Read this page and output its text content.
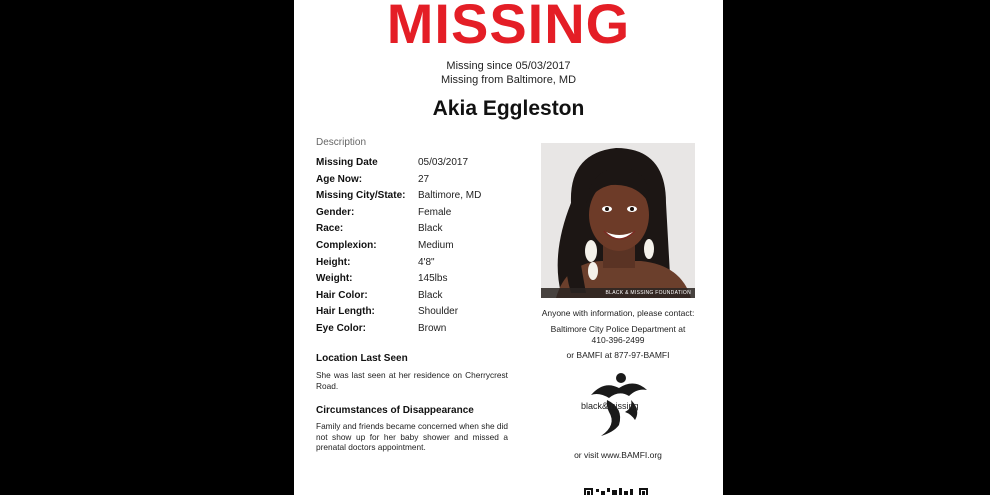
MISSING
Missing since 05/03/2017
Missing from Baltimore, MD
Akia Eggleston
Description
Missing Date	05/03/2017
Age Now:	27
Missing City/State: Baltimore, MD
Gender:	Female
Race:	Black
Complexion:	Medium
Height:	4'8"
Weight:	145lbs
Hair Color:	Black
Hair Length:	Shoulder
Eye Color:	Brown
Location Last Seen
She was last seen at her residence on Cherrycrest Road.
Circumstances of Disappearance
Family and friends became concerned when she did not show up for her baby shower and missed a prenatal doctors appointment.
BLACK & MISSING FOUNDATION
Anyone with information, please contact:
Baltimore City Police Department at
410-396-2499
or BAMFI at 877-97-BAMFI
black&missing
or visit www.BAMFI.org
